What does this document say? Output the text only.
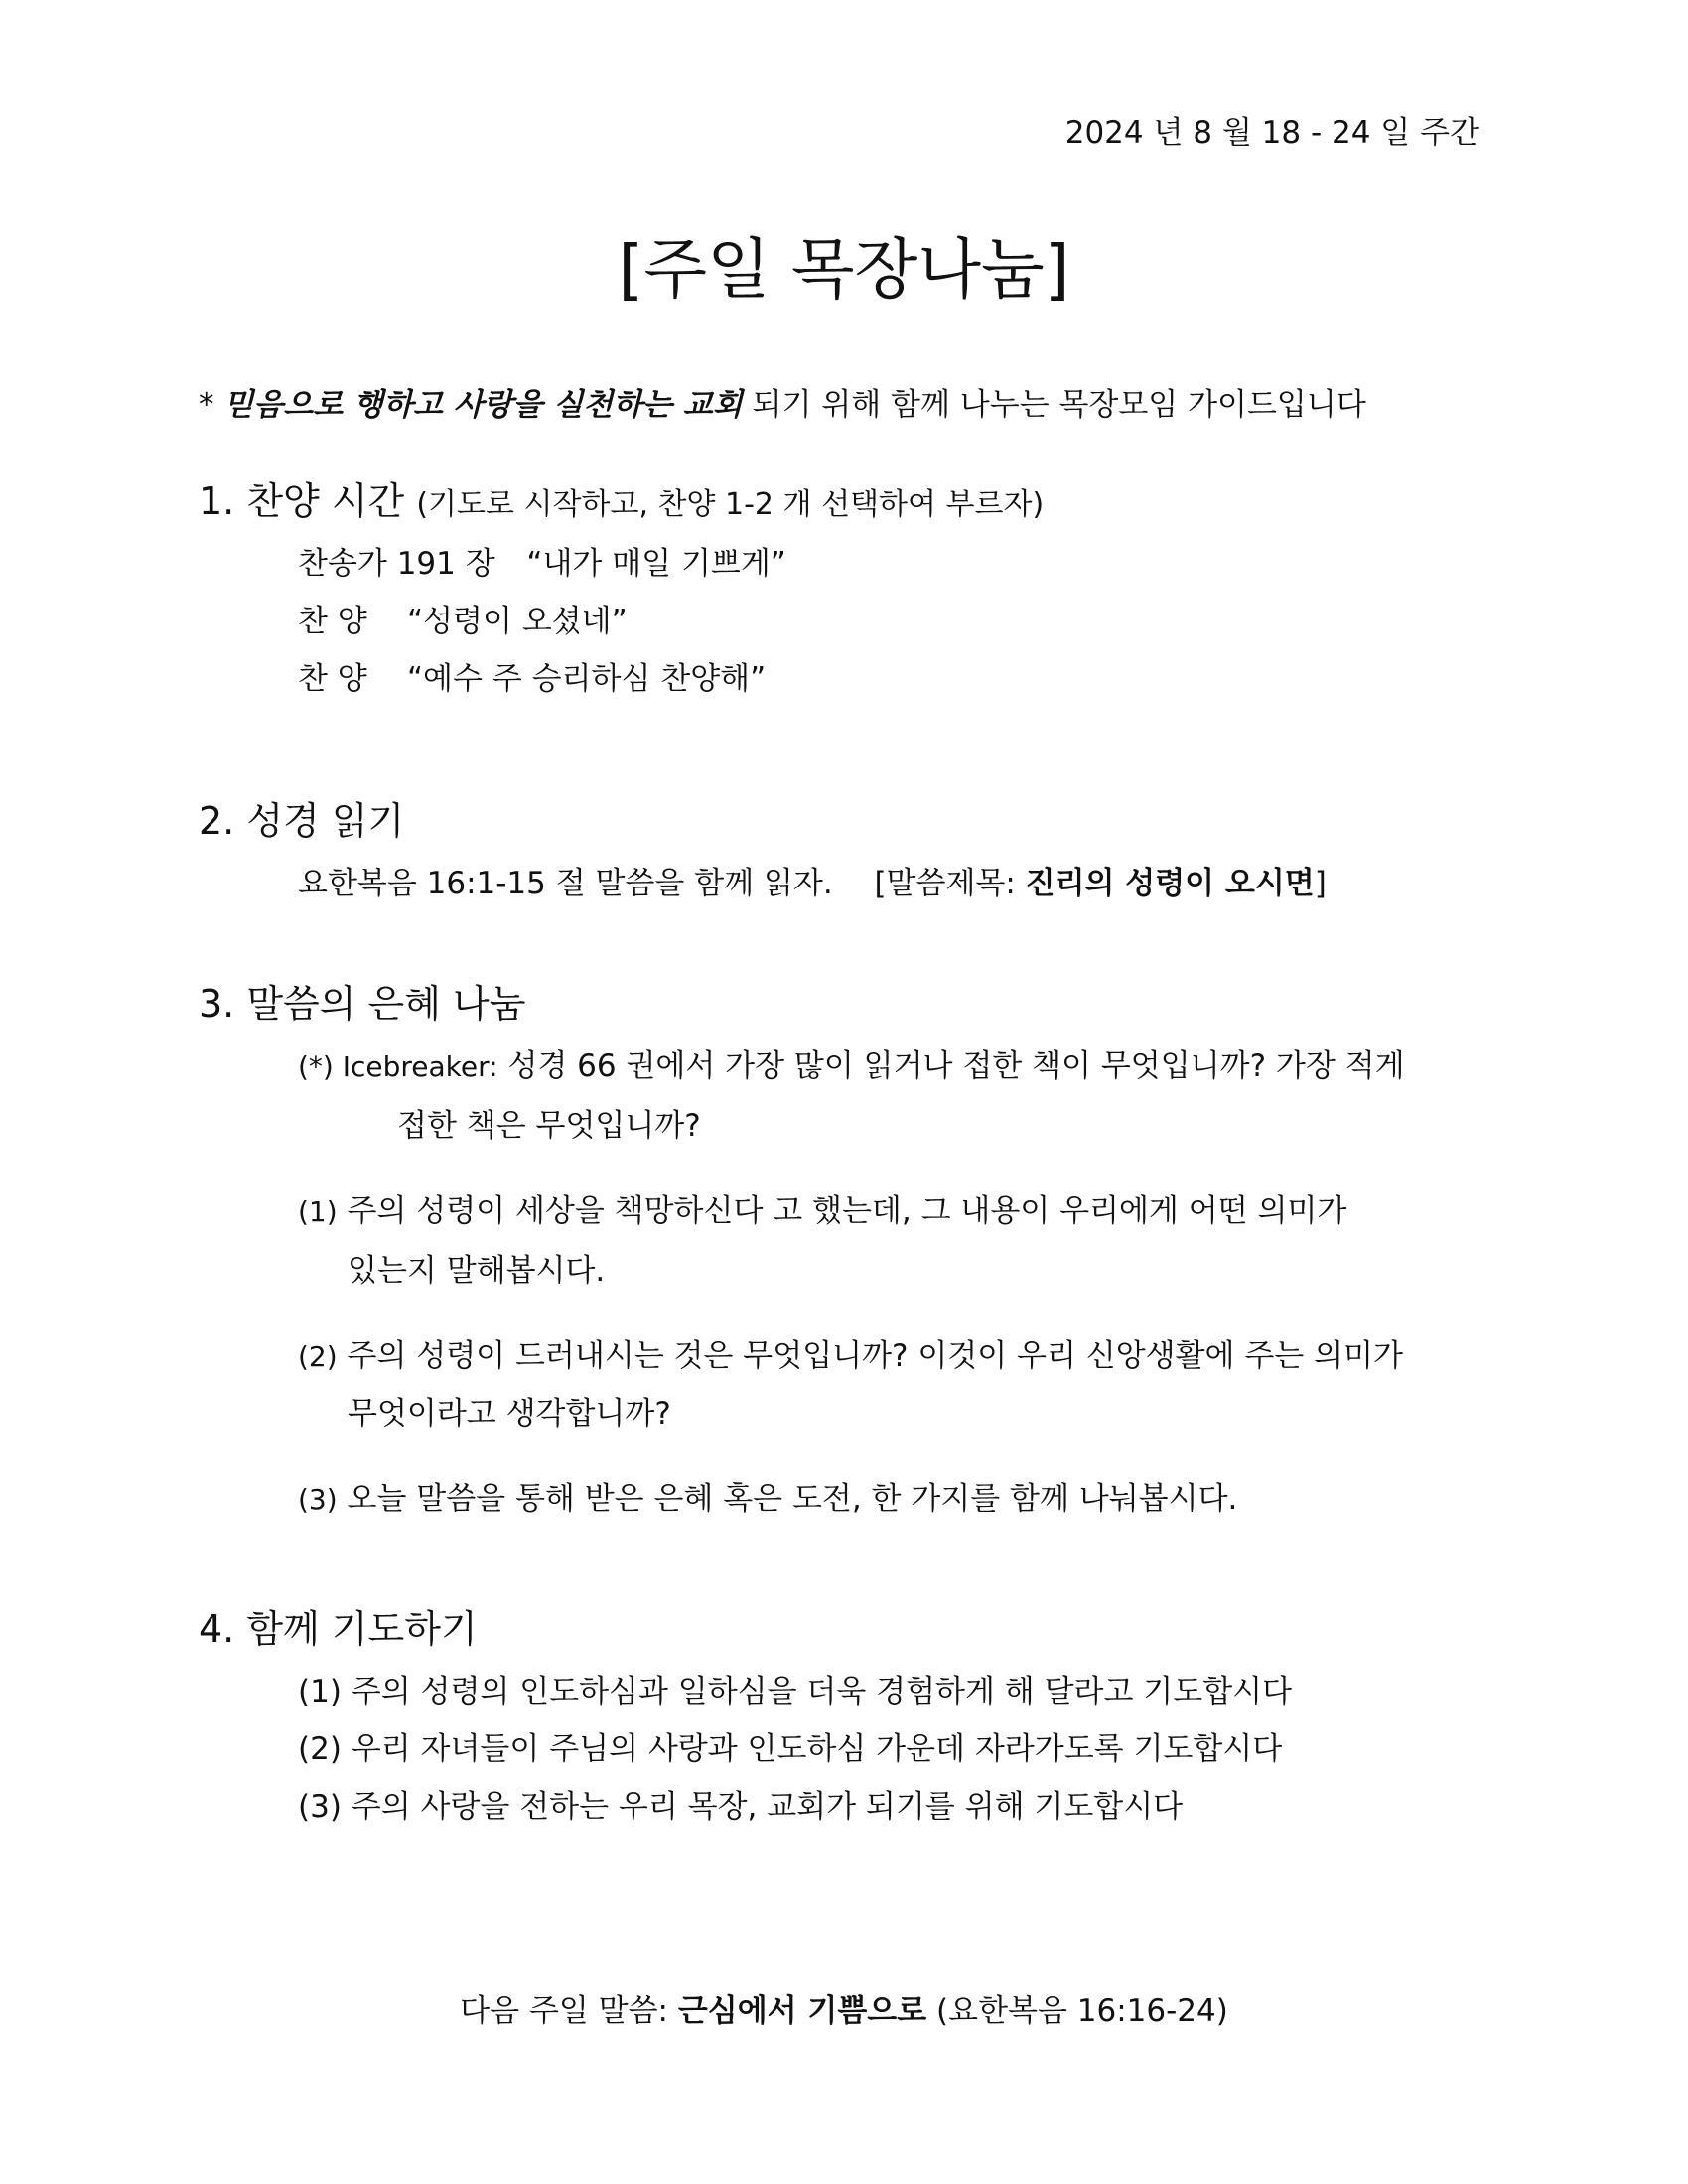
2024 년 8 월 18 - 24 일 주간
[주일 목장나눔]
* 믿음으로 행하고 사랑을 실천하는 교회 되기 위해 함께 나누는 목장모임 가이드입니다
1. 찬양 시간 (기도로 시작하고, 찬양 1-2 개 선택하여 부르자)
찬송가 191 장 “내가 매일 기쁘게”
찬 양 “성령이 오셨네”
찬 양 “예수 주 승리하심 찬양해”
2. 성경 읽기
요한복음 16:1-15 절 말씀을 함께 읽자. [말씀제목: 진리의 성령이 오시면]
3. 말씀의 은혜 나눔
(*) Icebreaker: 성경 66 권에서 가장 많이 읽거나 접한 책이 무엇입니까? 가장 적게
접한 책은 무엇입니까?
(1) 주의 성령이 세상을 책망하신다 고 했는데, 그 내용이 우리에게 어떤 의미가
있는지 말해봅시다.
(2) 주의 성령이 드러내시는 것은 무엇입니까? 이것이 우리 신앙생활에 주는 의미가
무엇이라고 생각합니까?
(3) 오늘 말씀을 통해 받은 은혜 혹은 도전, 한 가지를 함께 나눠봅시다.
4. 함께 기도하기
(1) 주의 성령의 인도하심과 일하심을 더욱 경험하게 해 달라고 기도합시다
(2) 우리 자녀들이 주님의 사랑과 인도하심 가운데 자라가도록 기도합시다
(3) 주의 사랑을 전하는 우리 목장, 교회가 되기를 위해 기도합시다
다음 주일 말씀: 근심에서 기쁨으로 (요한복음 16:16-24)
